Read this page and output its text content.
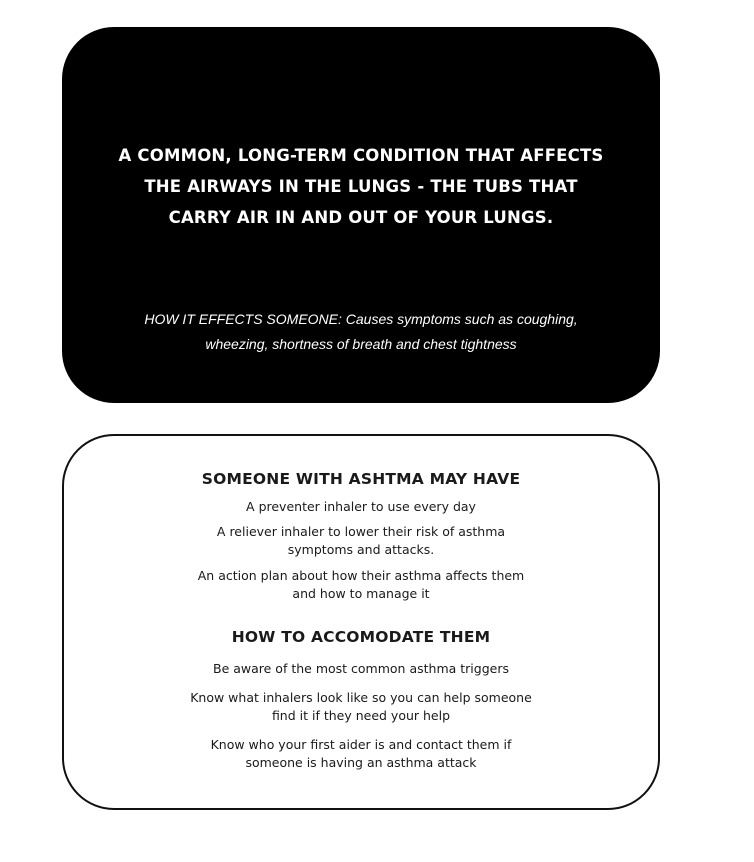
A COMMON, LONG-TERM CONDITION THAT AFFECTS
THE AIRWAYS IN THE LUNGS - THE TUBS THAT
CARRY AIR IN AND OUT OF YOUR LUNGS.
HOW IT EFFECTS SOMEONE: Causes symptoms such as coughing,
wheezing, shortness of breath and chest tightness
SOMEONE WITH ASHTMA MAY HAVE
A preventer inhaler to use every day
A reliever inhaler to lower their risk of asthma
symptoms and attacks.
An action plan about how their asthma affects them
and how to manage it
HOW TO ACCOMODATE THEM
Be aware of the most common asthma triggers
Know what inhalers look like so you can help someone
find it if they need your help
Know who your first aider is and contact them if
someone is having an asthma attack
